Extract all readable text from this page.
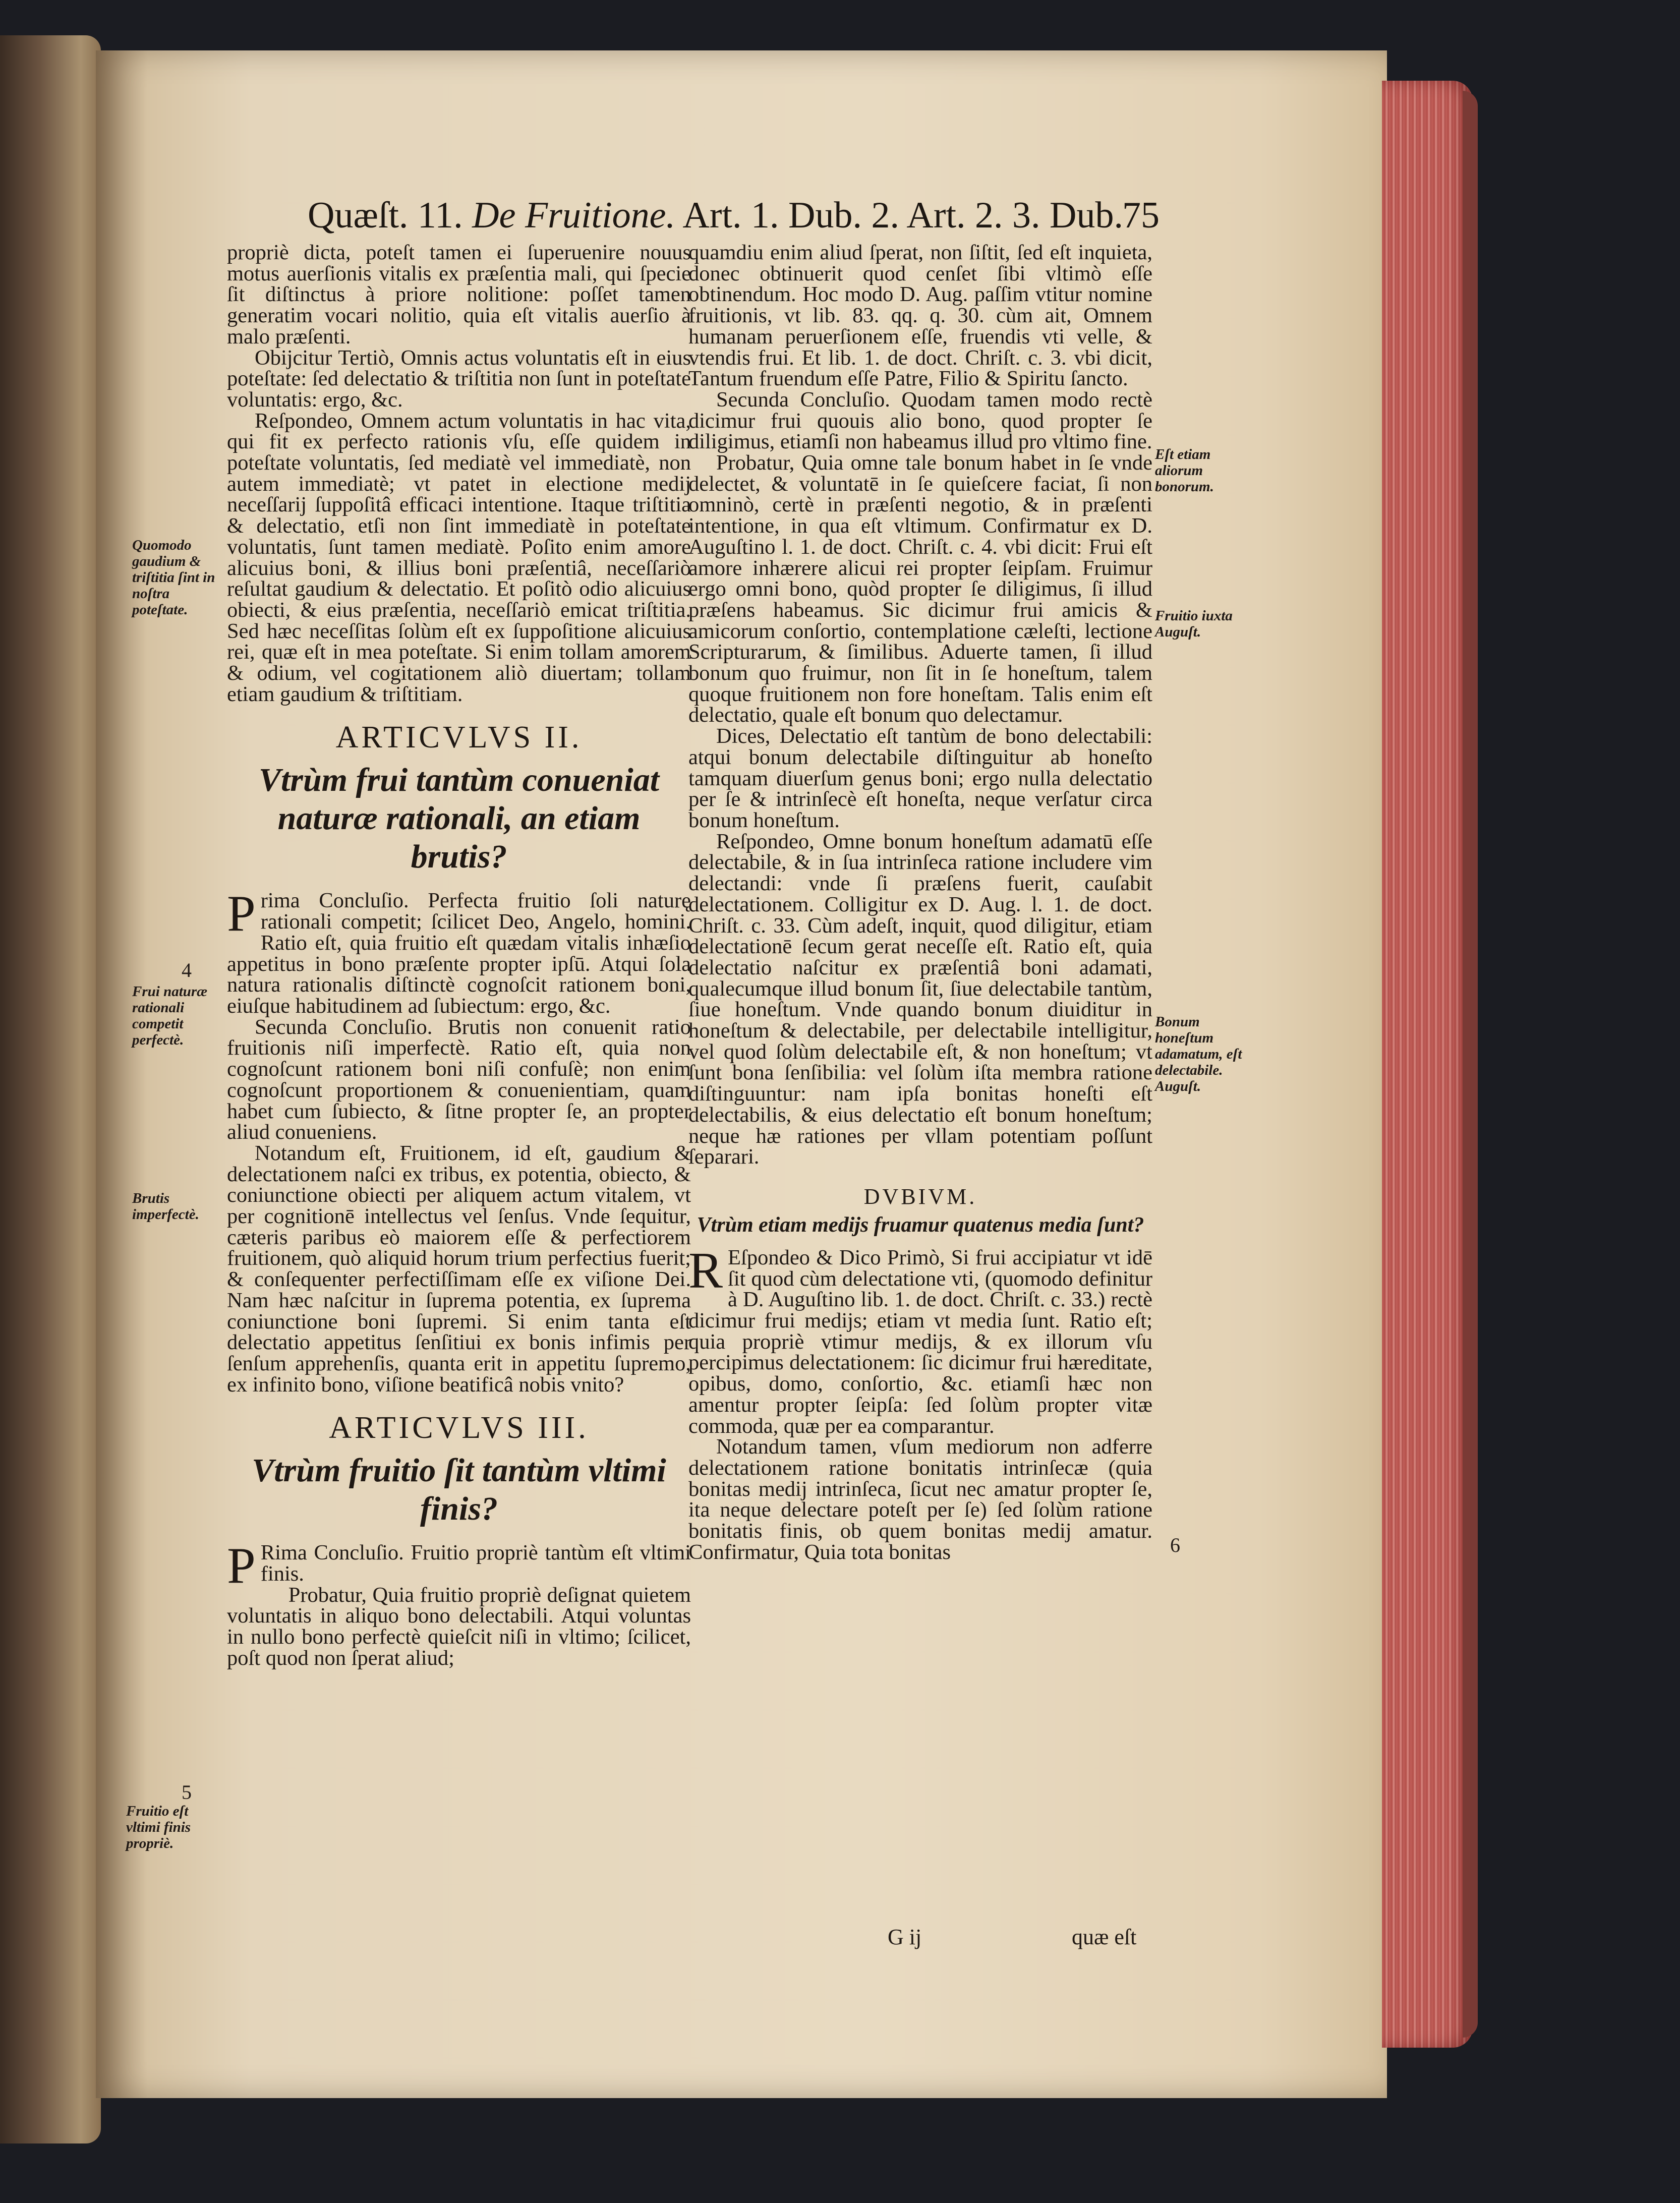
Quæſt. 11. De Fruitione. Art. 1. Dub. 2. Art. 2. 3. Dub.
75

propriè dicta, poteſt tamen ei ſuperuenire nouus motus auerſionis vitalis ex præſentia mali, qui ſpecie ſit diſtinctus à priore nolitione: poſſet tamen generatim vocari nolitio, quia eſt vitalis auerſio à malo præſenti.

Obijcitur Tertiò, Omnis actus voluntatis eſt in eius poteſtate: ſed delectatio & triſtitia non ſunt in poteſtate voluntatis: ergo, &c.

Reſpondeo, Omnem actum voluntatis in hac vita, qui fit ex perfecto rationis vſu, eſſe quidem in poteſtate voluntatis, ſed mediatè vel immediatè, non autem immediatè; vt patet in electione medij neceſſarij ſuppoſitâ efficaci intentione. Itaque triſtitia & delectatio, etſi non ſint immediatè in poteſtate voluntatis, ſunt tamen mediatè. Poſito enim amore alicuius boni, & illius boni præſentiâ, neceſſariò reſultat gaudium & delectatio. Et poſitò odio alicuius obiecti, & eius præſentia, neceſſariò emicat triſtitia. Sed hæc neceſſitas ſolùm eſt ex ſuppoſitione alicuius rei, quæ eſt in mea poteſtate. Si enim tollam amorem & odium, vel cogitationem aliò diuertam; tollam etiam gaudium & triſtitiam.

ARTICVLVS II.
Vtrùm frui tantùm conueniat naturæ rationali, an etiam brutis?

Prima Concluſio. Perfecta fruitio ſoli naturę rationali competit; ſcilicet Deo, Angelo, homini. Ratio eſt, quia fruitio eſt quædam vitalis inhæſio appetitus in bono præſente propter ipſū. Atqui ſola natura rationalis diſtinctè cognoſcit rationem boni, eiuſque habitudinem ad ſubiectum: ergo, &c.

Secunda Concluſio. Brutis non conuenit ratio fruitionis niſi imperfectè. Ratio eſt, quia non cognoſcunt rationem boni niſi confuſè; non enim cognoſcunt proportionem & conuenientiam, quam habet cum ſubiecto, & ſitne propter ſe, an propter aliud conueniens.

Notandum eſt, Fruitionem, id eſt, gaudium & delectationem naſci ex tribus, ex potentia, obiecto, & coniunctione obiecti per aliquem actum vitalem, vt per cognitionē intellectus vel ſenſus. Vnde ſequitur, cæteris paribus eò maiorem eſſe & perfectiorem fruitionem, quò aliquid horum trium perfectius fuerit; & conſequenter perfectiſſimam eſſe ex viſione Dei. Nam hæc naſcitur in ſuprema potentia, ex ſuprema coniunctione boni ſupremi. Si enim tanta eſt delectatio appetitus ſenſitiui ex bonis infimis per ſenſum apprehenſis, quanta erit in appetitu ſupremo, ex infinito bono, viſione beatificâ nobis vnito?

ARTICVLVS III.
Vtrùm fruitio ſit tantùm vltimi finis?

P Rima Concluſio. Fruitio propriè tantùm eſt vltimi finis.

Probatur, Quia fruitio propriè deſignat quietem voluntatis in aliquo bono delectabili. Atqui voluntas in nullo bono perfectè quieſcit niſi in vltimo; ſcilicet, poſt quod non ſperat aliud;

quamdiu enim aliud ſperat, non ſiſtit, ſed eſt inquieta, donec obtinuerit quod cenſet ſibi vltimò eſſe obtinendum. Hoc modo D. Aug. paſſim vtitur nomine fruitionis, vt lib. 83. qq. q. 30. cùm ait, Omnem humanam peruerſionem eſſe, fruendis vti velle, & vtendis frui. Et lib. 1. de doct. Chriſt. c. 3. vbi dicit, Tantum fruendum eſſe Patre, Filio & Spiritu ſancto.

Secunda Concluſio. Quodam tamen modo rectè dicimur frui quouis alio bono, quod propter ſe diligimus, etiamſi non habeamus illud pro vltimo fine.

Probatur, Quia omne tale bonum habet in ſe vnde delectet, & voluntatē in ſe quieſcere faciat, ſi non omninò, certè in præſenti negotio, & in præſenti intentione, in qua eſt vltimum. Confirmatur ex D. Auguſtino l. 1. de doct. Chriſt. c. 4. vbi dicit: Frui eſt amore inhærere alicui rei propter ſeipſam. Fruimur ergo omni bono, quòd propter ſe diligimus, ſi illud præſens habeamus. Sic dicimur frui amicis & amicorum conſortio, contemplatione cæleſti, lectione Scripturarum, & ſimilibus. Aduerte tamen, ſi illud bonum quo fruimur, non ſit in ſe honeſtum, talem quoque fruitionem non fore honeſtam. Talis enim eſt delectatio, quale eſt bonum quo delectamur.

Dices, Delectatio eſt tantùm de bono delectabili: atqui bonum delectabile diſtinguitur ab honeſto tamquam diuerſum genus boni; ergo nulla delectatio per ſe & intrinſecè eſt honeſta, neque verſatur circa bonum honeſtum.

Reſpondeo, Omne bonum honeſtum adamatū eſſe delectabile, & in ſua intrinſeca ratione includere vim delectandi: vnde ſi præſens fuerit, cauſabit delectationem. Colligitur ex D. Aug. l. 1. de doct. Chriſt. c. 33. Cùm adeſt, inquit, quod diligitur, etiam delectationē ſecum gerat neceſſe eſt. Ratio eſt, quia delectatio naſcitur ex præſentiâ boni adamati, qualecumque illud bonum ſit, ſiue delectabile tantùm, ſiue honeſtum. Vnde quando bonum diuiditur in honeſtum & delectabile, per delectabile intelligitur, vel quod ſolùm delectabile eſt, & non honeſtum; vt ſunt bona ſenſibilia: vel ſolùm iſta membra ratione diſtinguuntur: nam ipſa bonitas honeſti eſt delectabilis, & eius delectatio eſt bonum honeſtum; neque hæ rationes per vllam potentiam poſſunt ſeparari.

DVBIVM.
Vtrùm etiam medijs fruamur quatenus media ſunt?

R Eſpondeo & Dico Primò, Si frui accipiatur vt idē ſit quod cùm delectatione vti, (quomodo definitur à D. Auguſtino lib. 1. de doct. Chriſt. c. 33.) rectè dicimur frui medijs; etiam vt media ſunt. Ratio eſt; quia propriè vtimur medijs, & ex illorum vſu percipimus delectationem: ſic dicimur frui hæreditate, opibus, domo, conſortio, &c. etiamſi hæc non amentur propter ſeipſa: ſed ſolùm propter vitæ commoda, quæ per ea comparantur.

Notandum tamen, vſum mediorum non adferre delectationem ratione bonitatis intrinſecæ (quia bonitas medij intrinſeca, ſicut nec amatur propter ſe, ita neque delectare poteſt per ſe) ſed ſolùm ratione bonitatis finis, ob quem bonitas medij amatur. Confirmatur, Quia tota bonitas

Quomodo gaudium & triſtitia ſint in noſtra poteſtate.
4
Frui naturæ rationali competit perfectè.
Brutis imperfectè.
5
Fruitio eſt vltimi finis propriè.
Eſt etiam aliorum bonorum.
Fruitio iuxta Auguſt.
Bonum honeſtum adamatum, eſt delectabile. Auguſt.
6
G ij	quæ eſt
